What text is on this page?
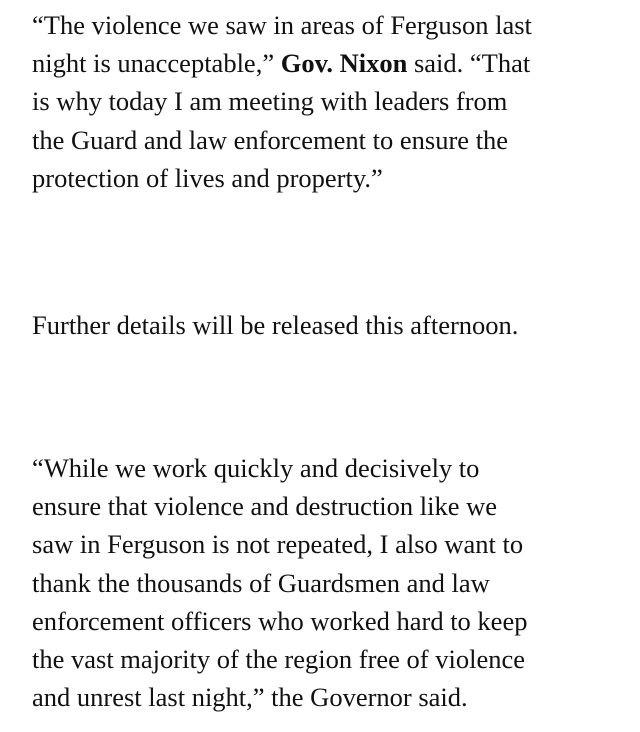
“The violence we saw in areas of Ferguson last
night is unacceptable,” Gov. Nixon said. “That
is why today I am meeting with leaders from
the Guard and law enforcement to ensure the
protection of lives and property.”

Further details will be released this afternoon.

“While we work quickly and decisively to
ensure that violence and destruction like we
saw in Ferguson is not repeated, I also want to
thank the thousands of Guardsmen and law
enforcement officers who worked hard to keep
the vast majority of the region free of violence
and unrest last night,” the Governor said.
